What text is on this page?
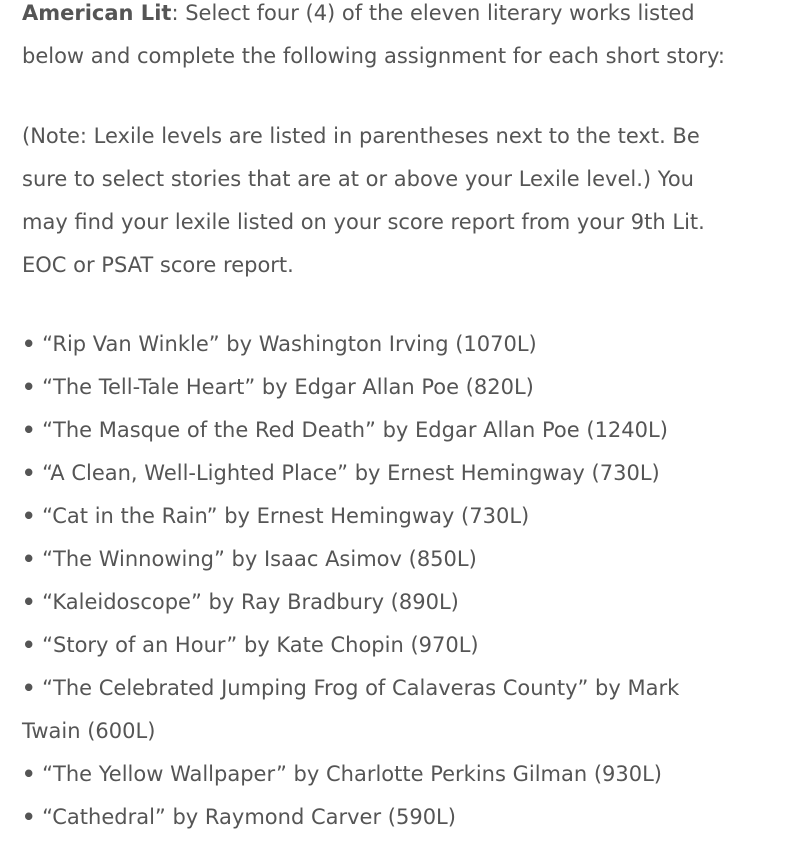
American Lit: Select four (4) of the eleven literary works listed
below and complete the following assignment for each short story:
(Note: Lexile levels are listed in parentheses next to the text. Be
sure to select stories that are at or above your Lexile level.) You
may find your lexile listed on your score report from your 9th Lit.
EOC or PSAT score report.
• “Rip Van Winkle” by Washington Irving (1070L)
• “The Tell-Tale Heart” by Edgar Allan Poe (820L)
• “The Masque of the Red Death” by Edgar Allan Poe (1240L)
• “A Clean, Well-Lighted Place” by Ernest Hemingway (730L)
• “Cat in the Rain” by Ernest Hemingway (730L)
• “The Winnowing” by Isaac Asimov (850L)
• “Kaleidoscope” by Ray Bradbury (890L)
• “Story of an Hour” by Kate Chopin (970L)
• “The Celebrated Jumping Frog of Calaveras County” by Mark
Twain (600L)
• “The Yellow Wallpaper” by Charlotte Perkins Gilman (930L)
• “Cathedral” by Raymond Carver (590L)
